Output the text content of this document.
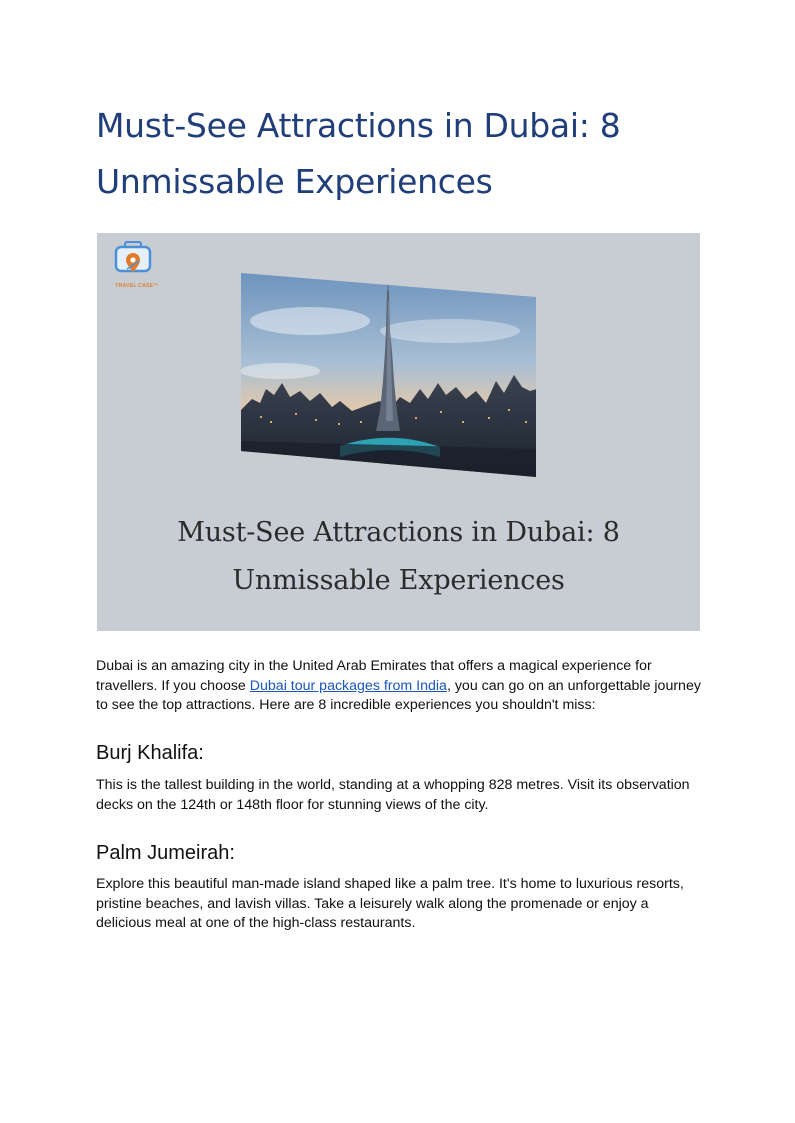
Must-See Attractions in Dubai: 8 Unmissable Experiences
TRAVEL CASE™
Must-See Attractions in Dubai: 8
Unmissable Experiences

Dubai is an amazing city in the United Arab Emirates that offers a magical experience for travellers. If you choose Dubai tour packages from India, you can go on an unforgettable journey to see the top attractions. Here are 8 incredible experiences you shouldn't miss:

Burj Khalifa:

This is the tallest building in the world, standing at a whopping 828 metres. Visit its observation decks on the 124th or 148th floor for stunning views of the city.

Palm Jumeirah:

Explore this beautiful man-made island shaped like a palm tree. It's home to luxurious resorts, pristine beaches, and lavish villas. Take a leisurely walk along the promenade or enjoy a delicious meal at one of the high-class restaurants.
